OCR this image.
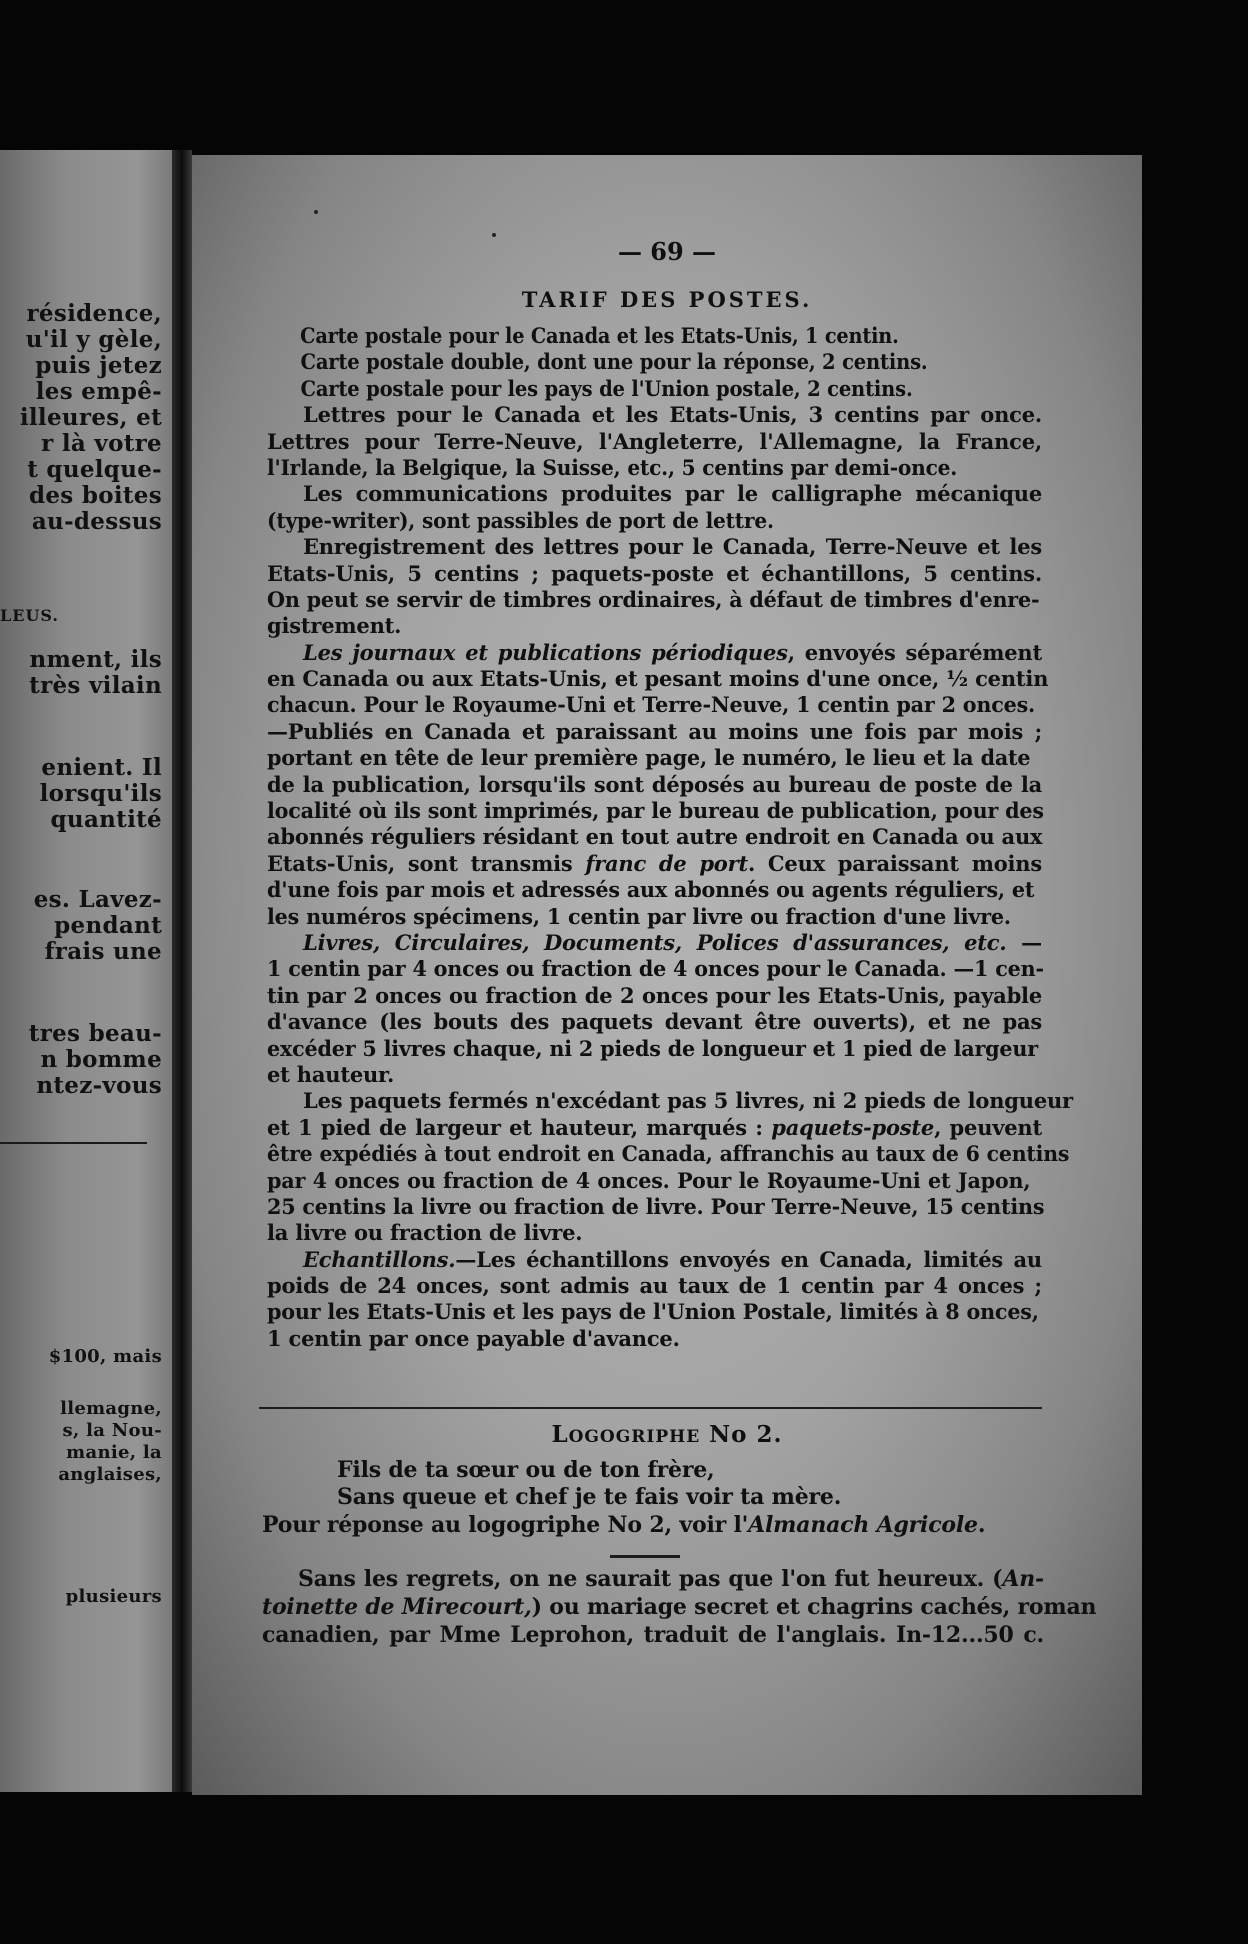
résidence,
u'il y gèle,
puis jetez
les empê-
illeures, et
r là votre
t quelque-
des boites
au-dessus
LEUS.
nment, ils
très vilain
enient. Il
lorsqu'ils
quantité
es. Lavez-
pendant
frais une
tres beau-
n bomme
ntez-vous
$100, mais
llemagne,
s, la Nou-
manie, la
anglaises,
plusieurs
— 69 —
TARIF DES POSTES.
Carte postale pour le Canada et les Etats-Unis, 1 centin.
Carte postale double, dont une pour la réponse, 2 centins.
Carte postale pour les pays de l'Union postale, 2 centins.
Lettres pour le Canada et les Etats-Unis, 3 centins par once.
Lettres pour Terre-Neuve, l'Angleterre, l'Allemagne, la France,
l'Irlande, la Belgique, la Suisse, etc., 5 centins par demi-once.
Les communications produites par le calligraphe mécanique
(type-writer), sont passibles de port de lettre.
Enregistrement des lettres pour le Canada, Terre-Neuve et les
Etats-Unis, 5 centins ; paquets-poste et échantillons, 5 centins.
On peut se servir de timbres ordinaires, à défaut de timbres d'enre-
gistrement.
Les journaux et publications périodiques, envoyés séparément
en Canada ou aux Etats-Unis, et pesant moins d'une once, ½ centin
chacun. Pour le Royaume-Uni et Terre-Neuve, 1 centin par 2 onces.
—Publiés en Canada et paraissant au moins une fois par mois ;
portant en tête de leur première page, le numéro, le lieu et la date
de la publication, lorsqu'ils sont déposés au bureau de poste de la
localité où ils sont imprimés, par le bureau de publication, pour des
abonnés réguliers résidant en tout autre endroit en Canada ou aux
Etats-Unis, sont transmis franc de port. Ceux paraissant moins
d'une fois par mois et adressés aux abonnés ou agents réguliers, et
les numéros spécimens, 1 centin par livre ou fraction d'une livre.
Livres, Circulaires, Documents, Polices d'assurances, etc. —
1 centin par 4 onces ou fraction de 4 onces pour le Canada. —1 cen-
tin par 2 onces ou fraction de 2 onces pour les Etats-Unis, payable
d'avance (les bouts des paquets devant être ouverts), et ne pas
excéder 5 livres chaque, ni 2 pieds de longueur et 1 pied de largeur
et hauteur.
Les paquets fermés n'excédant pas 5 livres, ni 2 pieds de longueur
et 1 pied de largeur et hauteur, marqués : paquets-poste, peuvent
être expédiés à tout endroit en Canada, affranchis au taux de 6 centins
par 4 onces ou fraction de 4 onces. Pour le Royaume-Uni et Japon,
25 centins la livre ou fraction de livre. Pour Terre-Neuve, 15 centins
la livre ou fraction de livre.
Echantillons.—Les échantillons envoyés en Canada, limités au
poids de 24 onces, sont admis au taux de 1 centin par 4 onces ;
pour les Etats-Unis et les pays de l'Union Postale, limités à 8 onces,
1 centin par once payable d'avance.
LOGOGRIPHE No 2.
Fils de ta sœur ou de ton frère,
Sans queue et chef je te fais voir ta mère.
Pour réponse au logogriphe No 2, voir l'Almanach Agricole.
Sans les regrets, on ne saurait pas que l'on fut heureux. (An-
toinette de Mirecourt,) ou mariage secret et chagrins cachés, roman
canadien, par Mme Leprohon, traduit de l'anglais. In-12...50 c.
